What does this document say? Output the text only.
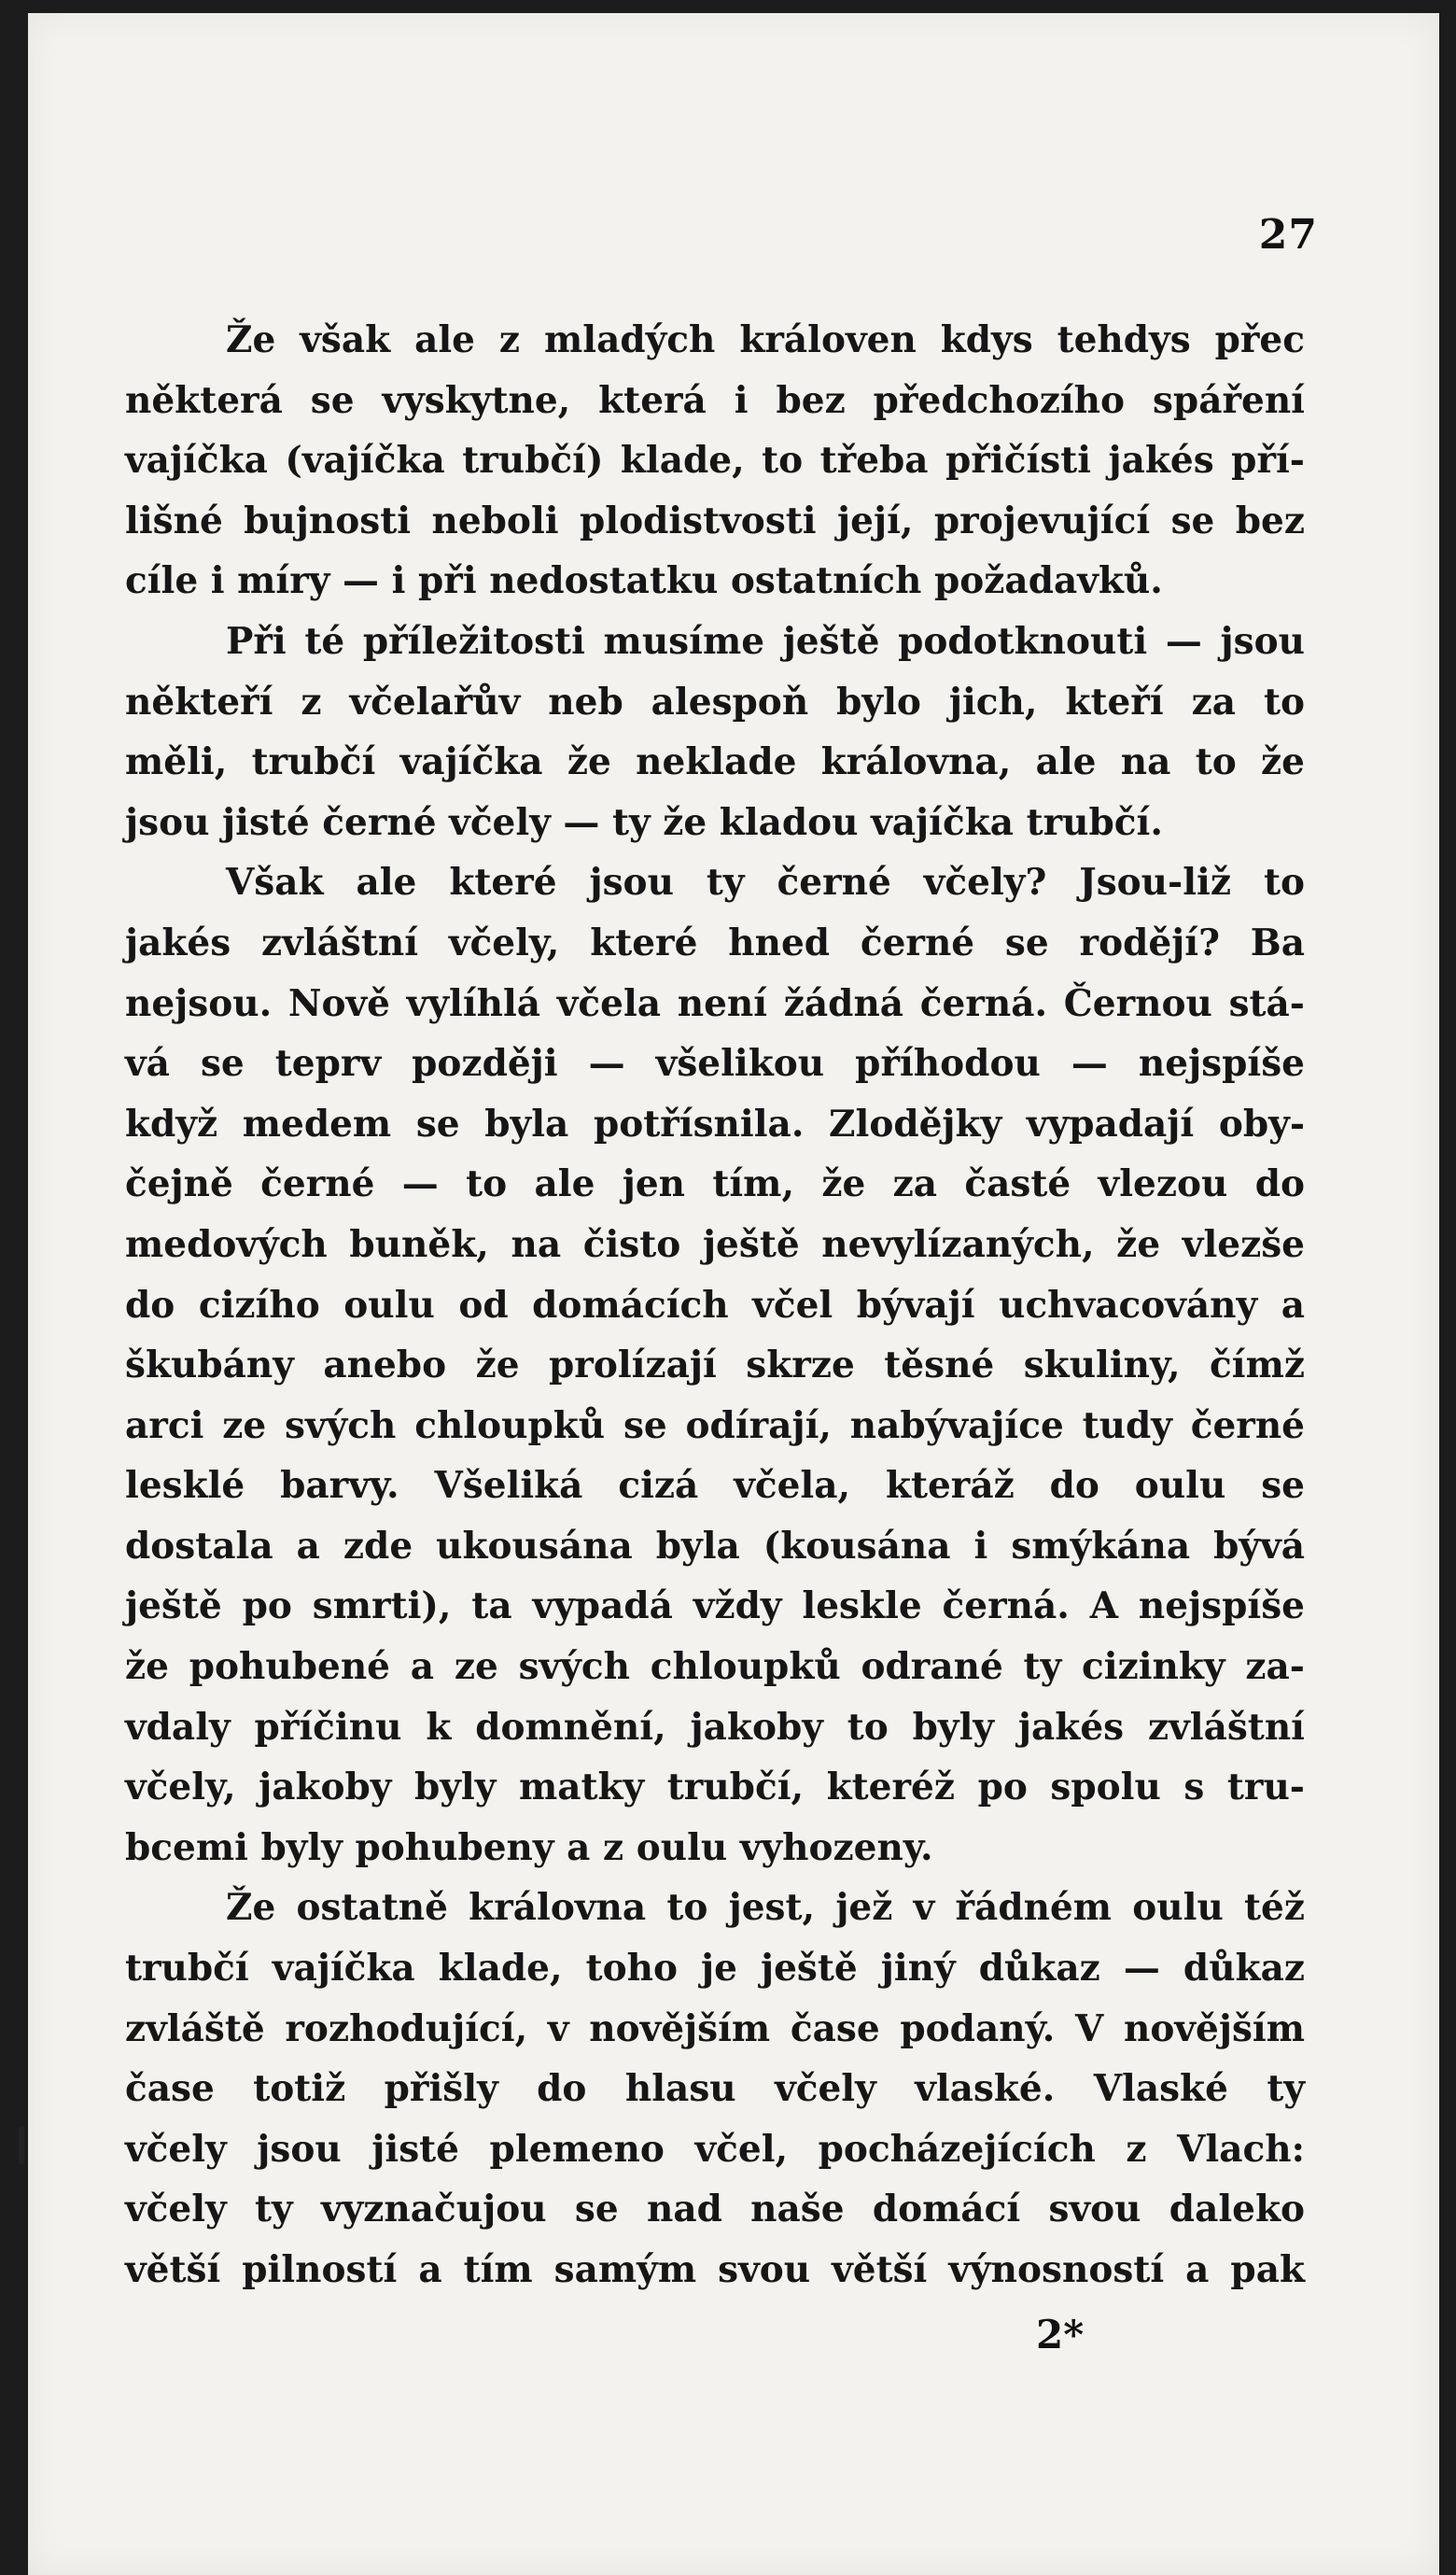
27
Že však ale z mladých královen kdys tehdys přec
některá se vyskytne, která i bez předchozího spáření
vajíčka (vajíčka trubčí) klade, to třeba přičísti jakés pří-
lišné bujnosti neboli plodistvosti její, projevující se bez
cíle i míry — i při nedostatku ostatních požadavků.
Při té příležitosti musíme ještě podotknouti — jsou
někteří z včelařův neb alespoň bylo jich, kteří za to
měli, trubčí vajíčka že neklade královna, ale na to že
jsou jisté černé včely — ty že kladou vajíčka trubčí.
Však ale které jsou ty černé včely? Jsou-liž to
jakés zvláštní včely, které hned černé se rodějí? Ba
nejsou. Nově vylíhlá včela není žádná černá. Černou stá-
vá se teprv později — všelikou příhodou — nejspíše
když medem se byla potřísnila. Zlodějky vypadají oby-
čejně černé — to ale jen tím, že za časté vlezou do
medových buněk, na čisto ještě nevylízaných, že vlezše
do cizího oulu od domácích včel bývají uchvacovány a
škubány anebo že prolízají skrze těsné skuliny, čímž
arci ze svých chloupků se odírají, nabývajíce tudy černé
lesklé barvy. Všeliká cizá včela, kteráž do oulu se
dostala a zde ukousána byla (kousána i smýkána bývá
ještě po smrti), ta vypadá vždy leskle černá. A nejspíše
že pohubené a ze svých chloupků odrané ty cizinky za-
vdaly příčinu k domnění, jakoby to byly jakés zvláštní
včely, jakoby byly matky trubčí, kteréž po spolu s tru-
bcemi byly pohubeny a z oulu vyhozeny.
Že ostatně královna to jest, jež v řádném oulu též
trubčí vajíčka klade, toho je ještě jiný důkaz — důkaz
zvláště rozhodující, v novějším čase podaný. V novějším
čase totiž přišly do hlasu včely vlaské. Vlaské ty
včely jsou jisté plemeno včel, pocházejících z Vlach:
včely ty vyznačujou se nad naše domácí svou daleko
větší pilností a tím samým svou větší výnosností a pak
2*
